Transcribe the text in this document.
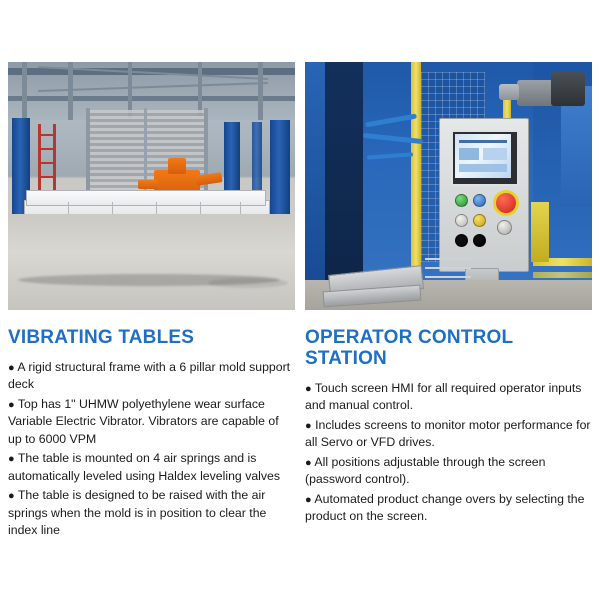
VIBRATING TABLES
● A rigid structural frame with a 6 pillar mold support deck
● Top has 1" UHMW polyethylene wear surface Variable Electric Vibrator. Vibrators are capable of up to 6000 VPM
● The table is mounted on 4 air springs and is automatically leveled using Haldex leveling valves
● The table is designed to be raised with the air springs when the mold is in position to clear the index line
OPERATOR CONTROL STATION
● Touch screen HMI for all required operator inputs and manual control.
● Includes screens to monitor motor performance for all Servo or VFD drives.
● All positions adjustable through the screen (password control).
● Automated product change overs by selecting the product on the screen.
